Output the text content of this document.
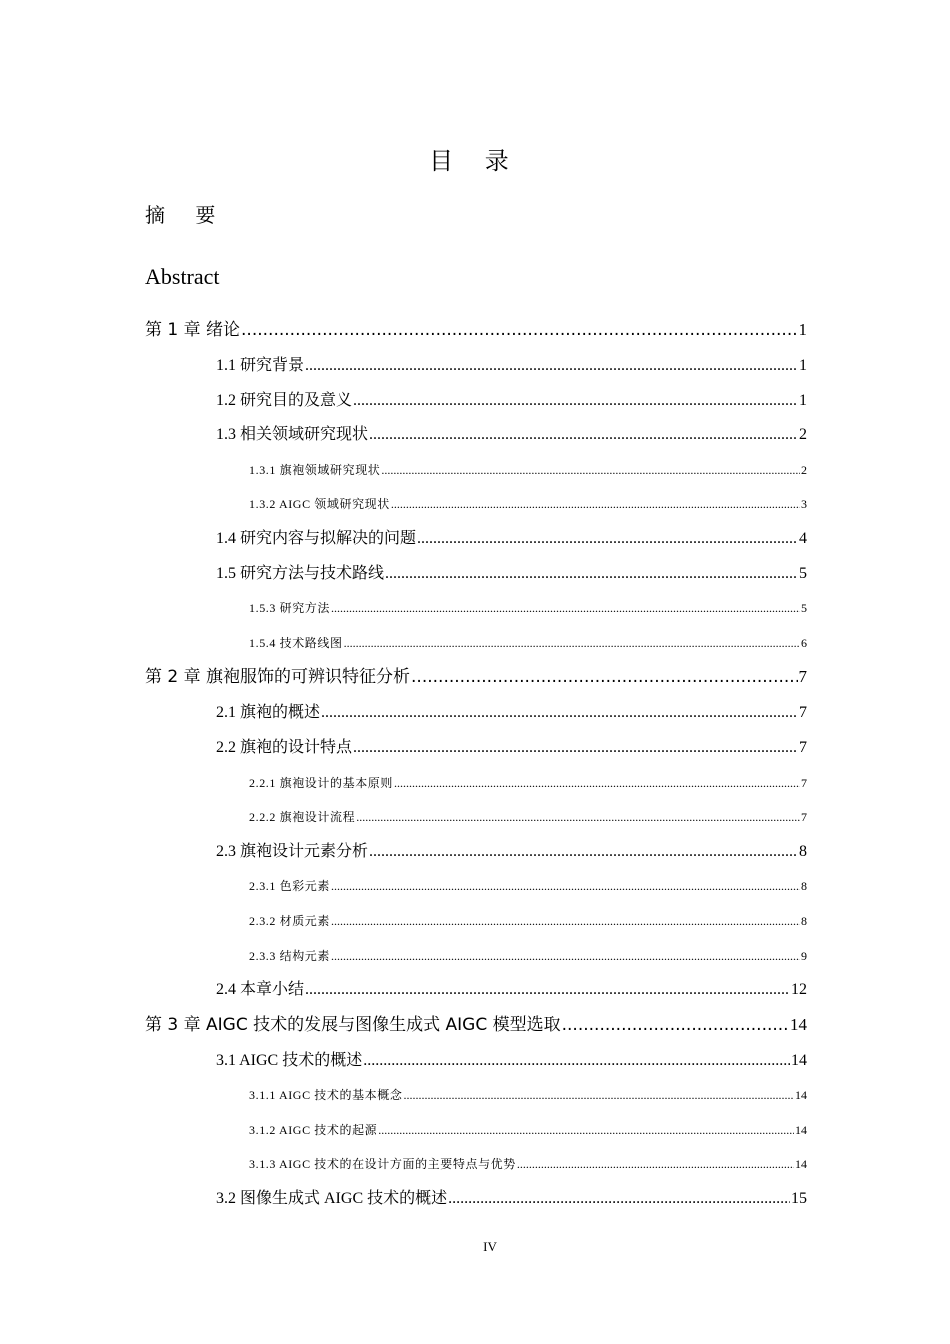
目 录
摘 要
Abstract
第 1 章 绪论 .....	1
1.1 研究背景 .....	1
1.2 研究目的及意义 .....	1
1.3 相关领域研究现状 .....	2
1.3.1 旗袍领域研究现状 .....	2
1.3.2 AIGC 领域研究现状 .....	3
1.4 研究内容与拟解决的问题 .....	4
1.5 研究方法与技术路线 .....	5
1.5.3 研究方法 .....	5
1.5.4 技术路线图 .....	6
第 2 章 旗袍服饰的可辨识特征分析 .....	7
2.1 旗袍的概述 .....	7
2.2 旗袍的设计特点 .....	7
2.2.1 旗袍设计的基本原则 .....	7
2.2.2 旗袍设计流程 .....	7
2.3 旗袍设计元素分析 .....	8
2.3.1 色彩元素 .....	8
2.3.2 材质元素 .....	8
2.3.3 结构元素 .....	9
2.4 本章小结 .....	12
第 3 章 AIGC 技术的发展与图像生成式 AIGC 模型选取 .....	14
3.1 AIGC 技术的概述 .....	14
3.1.1 AIGC 技术的基本概念 .....	14
3.1.2 AIGC 技术的起源 .....	14
3.1.3 AIGC 技术的在设计方面的主要特点与优势 .....	14
3.2 图像生成式 AIGC 技术的概述 .....	15
IV
